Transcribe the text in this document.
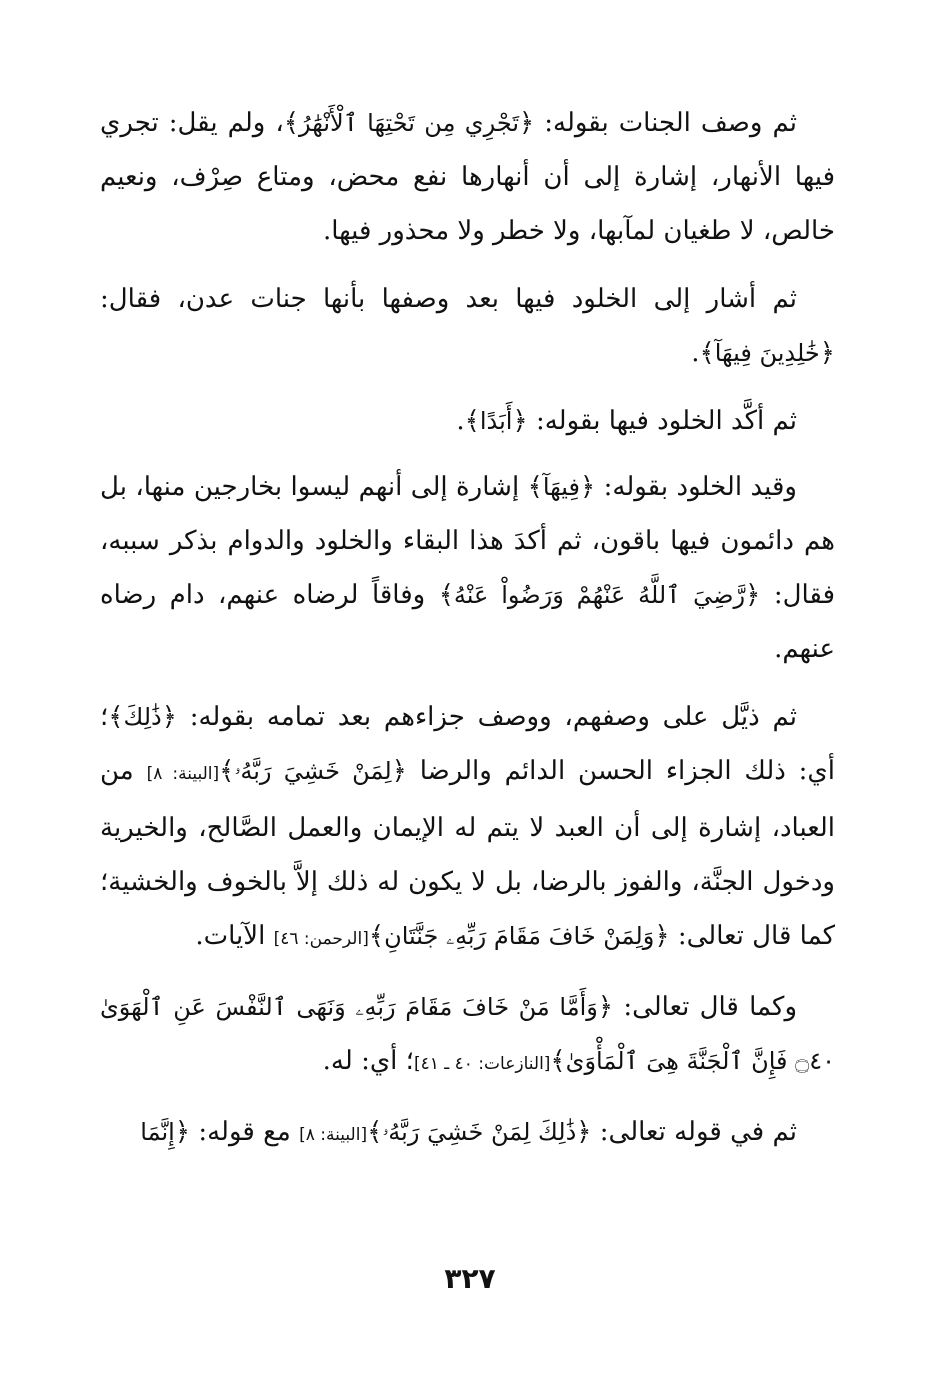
ثم وصف الجنات بقوله: ﴿تَجْرِي مِن تَحْتِهَا ٱلْأَنْهَٰرُ﴾، ولم يقل: تجري فيها الأنهار، إشارة إلى أن أنهارها نفع محض، ومتاع صِرْف، ونعيم خالص، لا طغيان لمآبها، ولا خطر ولا محذور فيها.

ثم أشار إلى الخلود فيها بعد وصفها بأنها جنات عدن، فقال: ﴿خَٰلِدِينَ فِيهَآ﴾.

ثم أكَّد الخلود فيها بقوله: ﴿أَبَدًا﴾.

وقيد الخلود بقوله: ﴿فِيهَآ﴾ إشارة إلى أنهم ليسوا بخارجين منها، بل هم دائمون فيها باقون، ثم أكدَ هذا البقاء والخلود والدوام بذكر سببه، فقال: ﴿رَّضِيَ ٱللَّهُ عَنْهُمْ وَرَضُواْ عَنْهُ﴾ وفاقاً لرضاه عنهم، دام رضاه عنهم.

ثم ذيَّل على وصفهم، ووصف جزاءهم بعد تمامه بقوله: ﴿ذَٰلِكَ﴾؛ أي: ذلك الجزاء الحسن الدائم والرضا ﴿لِمَنْ خَشِيَ رَبَّهُۥ﴾[البينة: ٨] من العباد، إشارة إلى أن العبد لا يتم له الإيمان والعمل الصَّالح، والخيرية ودخول الجنَّة، والفوز بالرضا، بل لا يكون له ذلك إلاَّ بالخوف والخشية؛ كما قال تعالى: ﴿وَلِمَنْ خَافَ مَقَامَ رَبِّهِۦ جَنَّتَانِ﴾[الرحمن: ٤٦] الآيات.

وكما قال تعالى: ﴿وَأَمَّا مَنْ خَافَ مَقَامَ رَبِّهِۦ وَنَهَى ٱلنَّفْسَ عَنِ ٱلْهَوَىٰ ۝٤٠ فَإِنَّ ٱلْجَنَّةَ هِىَ ٱلْمَأْوَىٰ﴾[النازعات: ٤٠ ـ ٤١]؛ أي: له.

ثم في قوله تعالى: ﴿ذَٰلِكَ لِمَنْ خَشِيَ رَبَّهُۥ﴾[البينة: ٨] مع قوله: ﴿إِنَّمَا

٣٢٧
